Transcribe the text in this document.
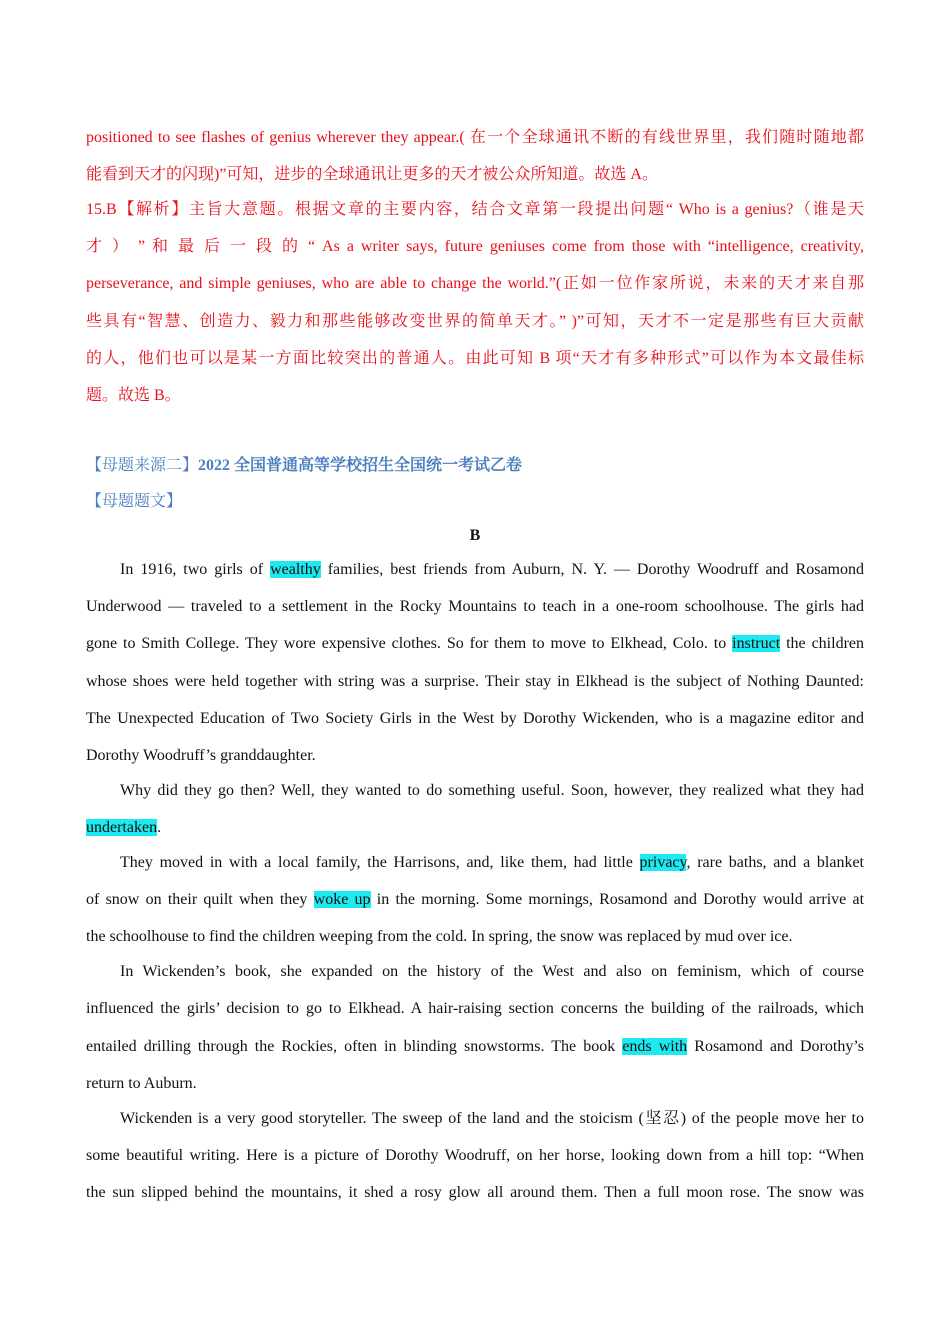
positioned to see flashes of genius wherever they appear.( 在一个全球通讯不断的有线世界里，我们随时随地都
能看到天才的闪现)”可知，进步的全球通讯让更多的天才被公众所知道。故选 A。
15.B【解析】主旨大意题。根据文章的主要内容，结合文章第一段提出问题“ Who is a genius?（谁是天
才 ） ” 和 最 后 一 段 的 “ As a writer says, future geniuses come from those with “intelligence, creativity,
perseverance, and simple geniuses, who are able to change the world.”(正如一位作家所说，未来的天才来自那
些具有“智慧、创造力、毅力和那些能够改变世界的简单天才。” )”可知，天才不一定是那些有巨大贡献
的人，他们也可以是某一方面比较突出的普通人。由此可知 B 项“天才有多种形式”可以作为本文最佳标
题。故选 B。
【母题来源二】2022 全国普通高等学校招生全国统一考试乙卷
【母题题文】
B
In 1916, two girls of wealthy families, best friends from Auburn, N. Y. — Dorothy Woodruff and Rosamond
Underwood — traveled to a settlement in the Rocky Mountains to teach in a one-room schoolhouse. The girls had
gone to Smith College. They wore expensive clothes. So for them to move to Elkhead, Colo. to instruct the children
whose shoes were held together with string was a surprise. Their stay in Elkhead is the subject of Nothing Daunted:
The Unexpected Education of Two Society Girls in the West by Dorothy Wickenden, who is a magazine editor and
Dorothy Woodruff’s granddaughter.
Why did they go then? Well, they wanted to do something useful. Soon, however, they realized what they had
undertaken.
They moved in with a local family, the Harrisons, and, like them, had little privacy, rare baths, and a blanket
of snow on their quilt when they woke up in the morning. Some mornings, Rosamond and Dorothy would arrive at
the schoolhouse to find the children weeping from the cold. In spring, the snow was replaced by mud over ice.
In Wickenden’s book, she expanded on the history of the West and also on feminism, which of course
influenced the girls’ decision to go to Elkhead. A hair-raising section concerns the building of the railroads, which
entailed drilling through the Rockies, often in blinding snowstorms. The book ends with Rosamond and Dorothy’s
return to Auburn.
Wickenden is a very good storyteller. The sweep of the land and the stoicism (坚忍) of the people move her to
some beautiful writing. Here is a picture of Dorothy Woodruff, on her horse, looking down from a hill top: “When
the sun slipped behind the mountains, it shed a rosy glow all around them. Then a full moon rose. The snow was
